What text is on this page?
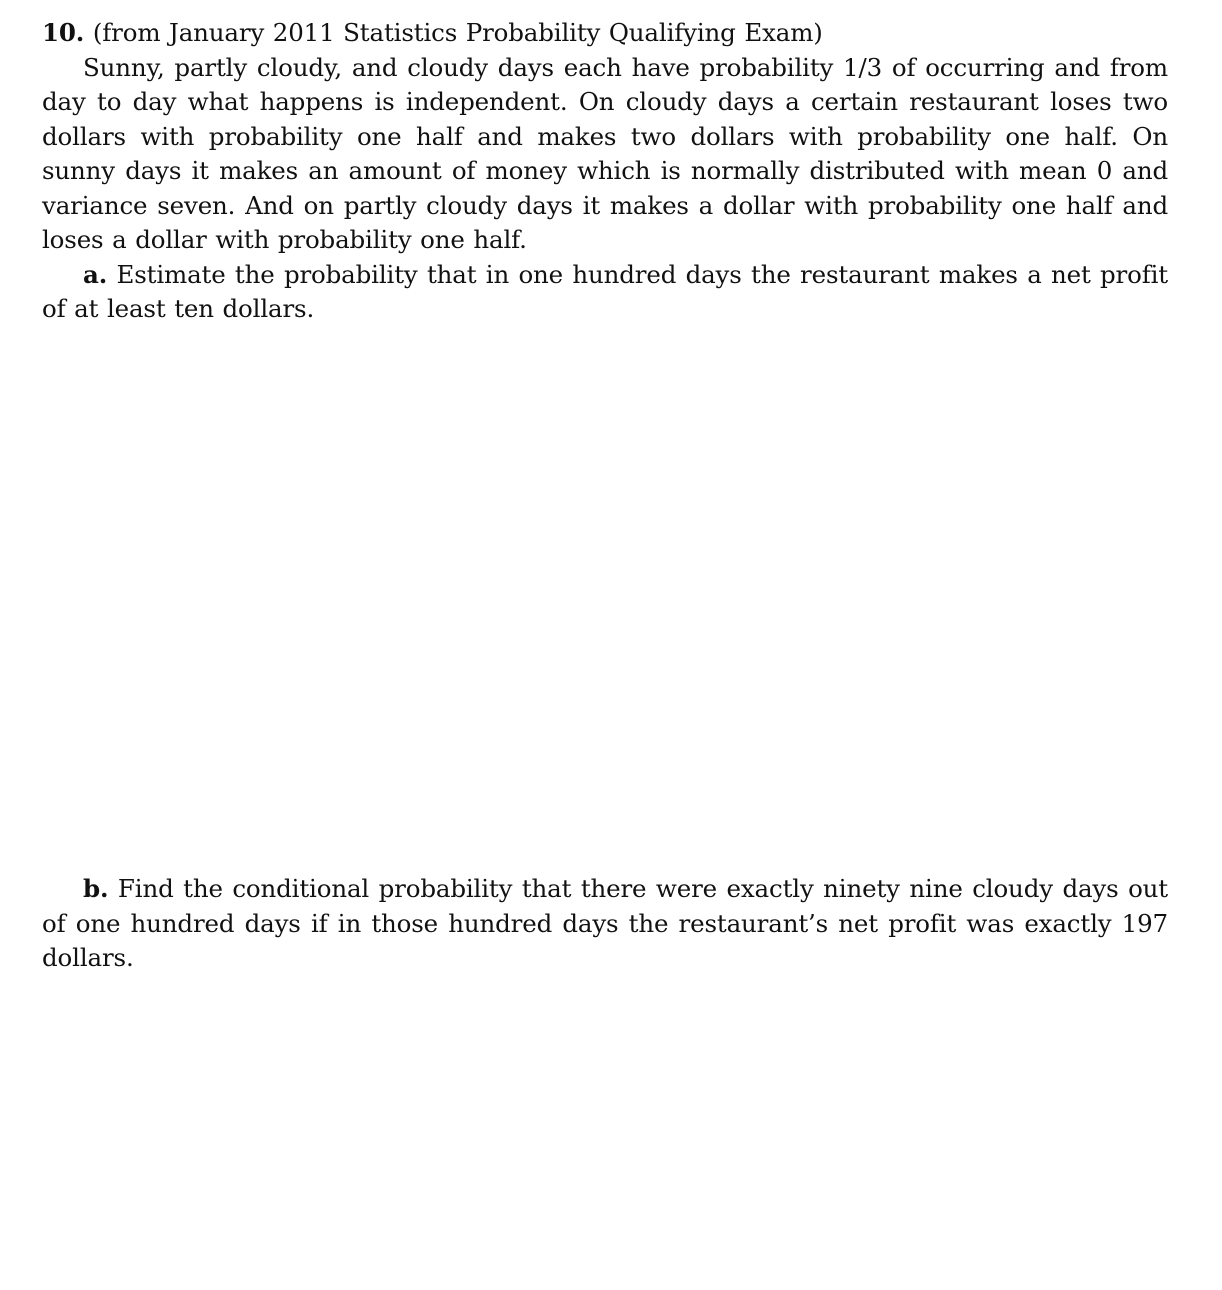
10. (from January 2011 Statistics Probability Qualifying Exam)

Sunny, partly cloudy, and cloudy days each have probability 1/3 of occurring and from day to day what happens is independent. On cloudy days a certain restaurant loses two dollars with probability one half and makes two dollars with probability one half. On sunny days it makes an amount of money which is normally distributed with mean 0 and variance seven. And on partly cloudy days it makes a dollar with probability one half and loses a dollar with probability one half.

a. Estimate the probability that in one hundred days the restaurant makes a net profit of at least ten dollars.

b. Find the conditional probability that there were exactly ninety nine cloudy days out of one hundred days if in those hundred days the restaurant’s net profit was exactly 197 dollars.
